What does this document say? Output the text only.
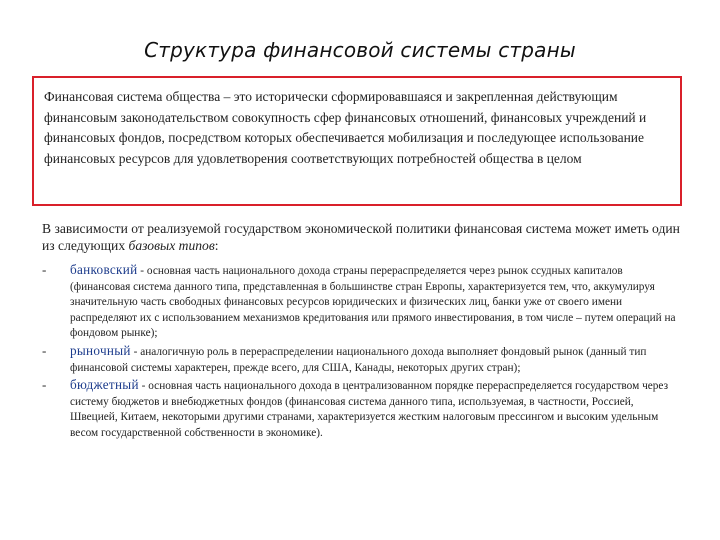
Структура финансовой системы страны
Финансовая система общества – это исторически сформировавшаяся и закрепленная действующим финансовым законодательством совокупность сфер финансовых отношений, финансовых учреждений и финансовых фондов, посредством которых обеспечивается мобилизация и последующее использование финансовых ресурсов для удовлетворения соответствующих потребностей общества в целом
В зависимости от реализуемой государством экономической политики финансовая система может иметь один из следующих базовых типов:
- банковский - основная часть национального дохода страны перераспределяется через рынок ссудных капиталов (финансовая система данного типа, представленная в большинстве стран Европы, характеризуется тем, что, аккумулируя значительную часть свободных финансовых ресурсов юридических и физических лиц, банки уже от своего имени распределяют их с использованием механизмов кредитования или прямого инвестирования, в том числе – путем операций на фондовом рынке);
- рыночный - аналогичную роль в перераспределении национального дохода выполняет фондовый рынок (данный тип финансовой системы характерен, прежде всего, для США, Канады, некоторых других стран);
- бюджетный - основная часть национального дохода в централизованном порядке перераспределяется государством через систему бюджетов и внебюджетных фондов (финансовая система данного типа, используемая, в частности, Россией, Швецией, Китаем, некоторыми другими странами, характеризуется жестким налоговым прессингом и высоким удельным весом государственной собственности в экономике).
